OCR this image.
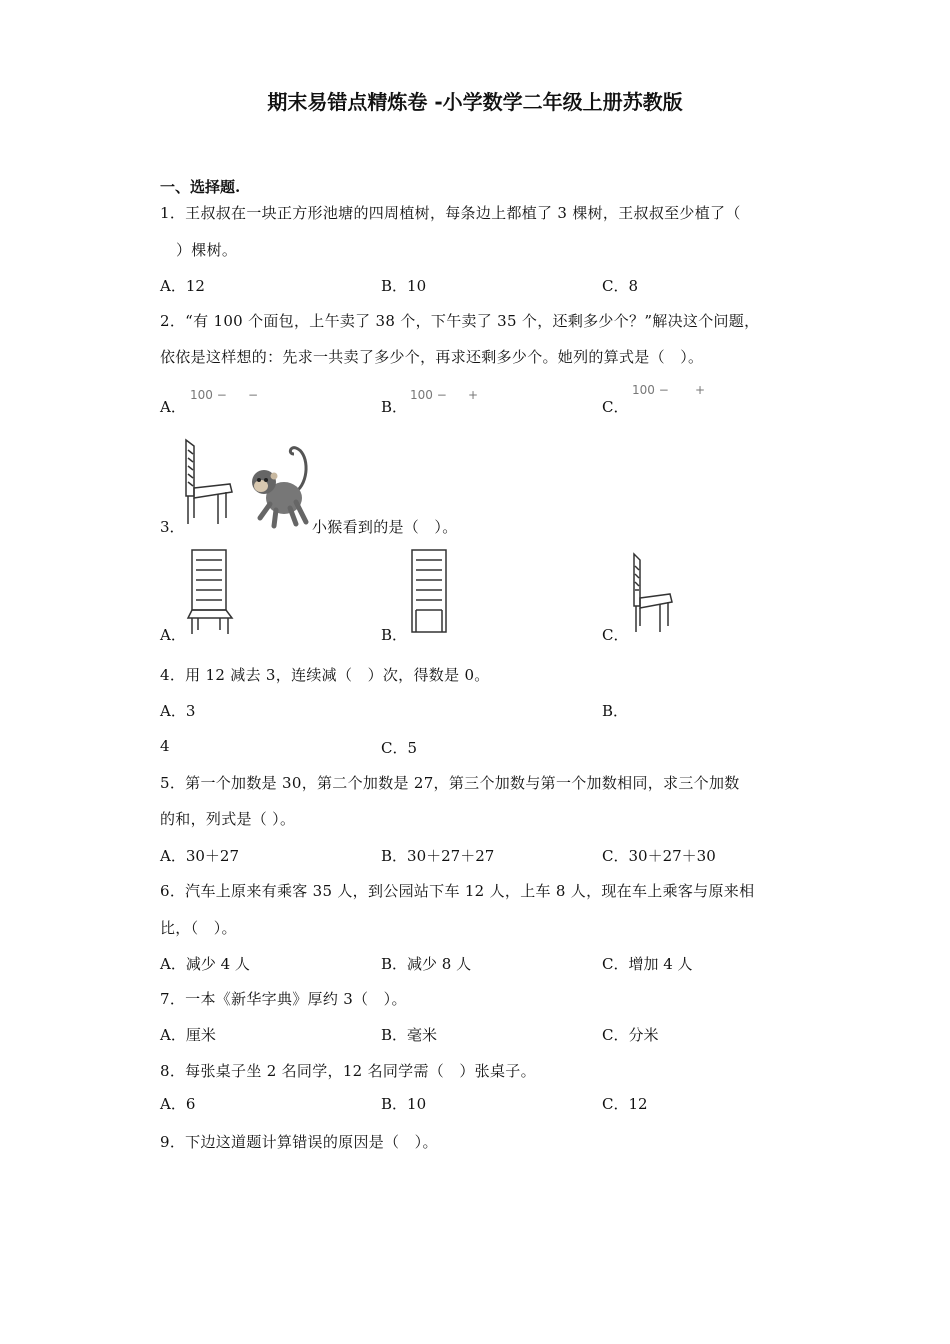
期末易错点精炼卷 -小学数学二年级上册苏教版
一、选择题.
1．王叔叔在一块正方形池塘的四周植树，每条边上都植了 3 棵树，王叔叔至少植了（
）棵树。
A．12	B．10	C．8
2．“有 100 个面包，上午卖了 38 个，下午卖了 35 个，还剩多少个？”解决这个问题，
依依是这样想的：先求一共卖了多少个，再求还剩多少个。她列的算式是（　）。
A．
100 − −
B．
100 − +
C．
100 − +
3．	小猴看到的是（　）。
A．	B．	C．
4．用 12 减去 3，连续减（　）次，得数是 0。
A．3	B．
4	C．5
5．第一个加数是 30，第二个加数是 27，第三个加数与第一个加数相同，求三个加数
的和，列式是（ ）。
A．30＋27	B．30＋27＋27	C．30＋27＋30
6．汽车上原来有乘客 35 人，到公园站下车 12 人，上车 8 人，现在车上乘客与原来相
比，（　）。
A．减少 4 人	B．减少 8 人	C．增加 4 人
7．一本《新华字典》厚约 3（　）。
A．厘米	B．毫米	C．分米
8．每张桌子坐 2 名同学，12 名同学需（　）张桌子。
A．6	B．10	C．12
9．下边这道题计算错误的原因是（　）。
